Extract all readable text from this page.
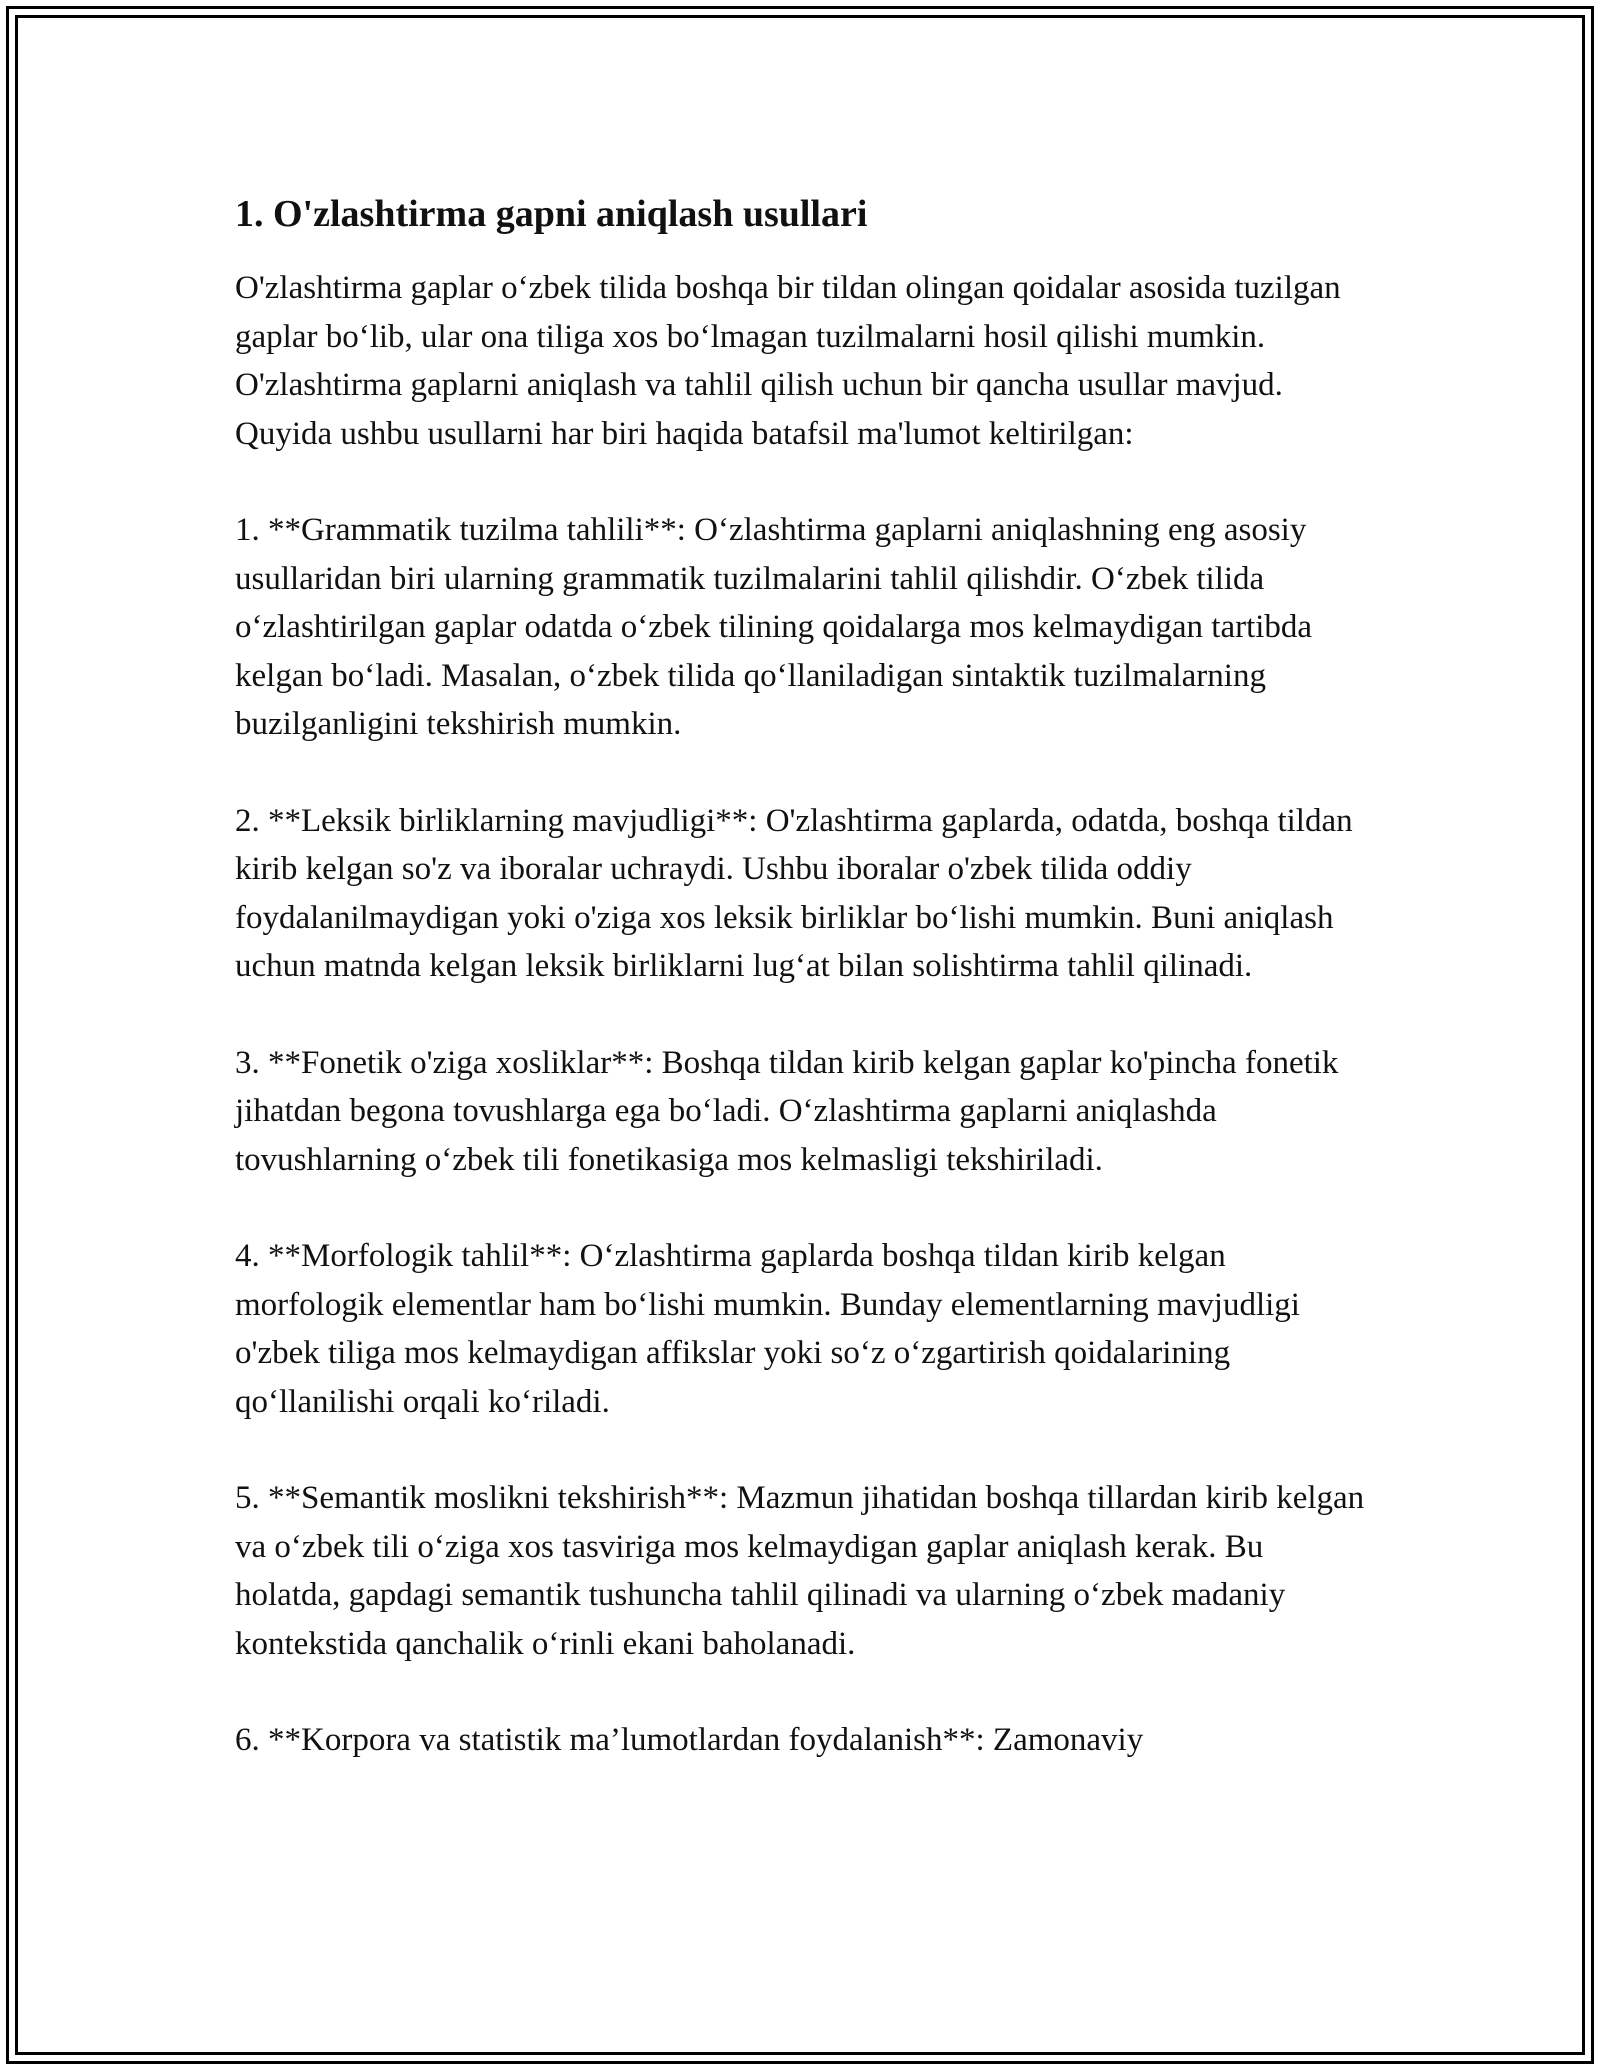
1. O'zlashtirma gapni aniqlash usullari

O'zlashtirma gaplar o‘zbek tilida boshqa bir tildan olingan qoidalar asosida tuzilgan gaplar bo‘lib, ular ona tiliga xos bo‘lmagan tuzilmalarni hosil qilishi mumkin. O'zlashtirma gaplarni aniqlash va tahlil qilish uchun bir qancha usullar mavjud. Quyida ushbu usullarni har biri haqida batafsil ma'lumot keltirilgan:

1. **Grammatik tuzilma tahlili**: O‘zlashtirma gaplarni aniqlashning eng asosiy usullaridan biri ularning grammatik tuzilmalarini tahlil qilishdir. O‘zbek tilida o‘zlashtirilgan gaplar odatda o‘zbek tilining qoidalarga mos kelmaydigan tartibda kelgan bo‘ladi. Masalan, o‘zbek tilida qo‘llaniladigan sintaktik tuzilmalarning buzilganligini tekshirish mumkin.

2. **Leksik birliklarning mavjudligi**: O'zlashtirma gaplarda, odatda, boshqa tildan kirib kelgan so'z va iboralar uchraydi. Ushbu iboralar o'zbek tilida oddiy foydalanilmaydigan yoki o'ziga xos leksik birliklar bo‘lishi mumkin. Buni aniqlash uchun matnda kelgan leksik birliklarni lug‘at bilan solishtirma tahlil qilinadi.

3. **Fonetik o'ziga xosliklar**: Boshqa tildan kirib kelgan gaplar ko'pincha fonetik jihatdan begona tovushlarga ega bo‘ladi. O‘zlashtirma gaplarni aniqlashda tovushlarning o‘zbek tili fonetikasiga mos kelmasligi tekshiriladi.

4. **Morfologik tahlil**: O‘zlashtirma gaplarda boshqa tildan kirib kelgan morfologik elementlar ham bo‘lishi mumkin. Bunday elementlarning mavjudligi o'zbek tiliga mos kelmaydigan affikslar yoki so‘z o‘zgartirish qoidalarining qo‘llanilishi orqali ko‘riladi.

5. **Semantik moslikni tekshirish**: Mazmun jihatidan boshqa tillardan kirib kelgan va o‘zbek tili o‘ziga xos tasviriga mos kelmaydigan gaplar aniqlash kerak. Bu holatda, gapdagi semantik tushuncha tahlil qilinadi va ularning o‘zbek madaniy kontekstida qanchalik o‘rinli ekani baholanadi.

6. **Korpora va statistik ma’lumotlardan foydalanish**: Zamonaviy
